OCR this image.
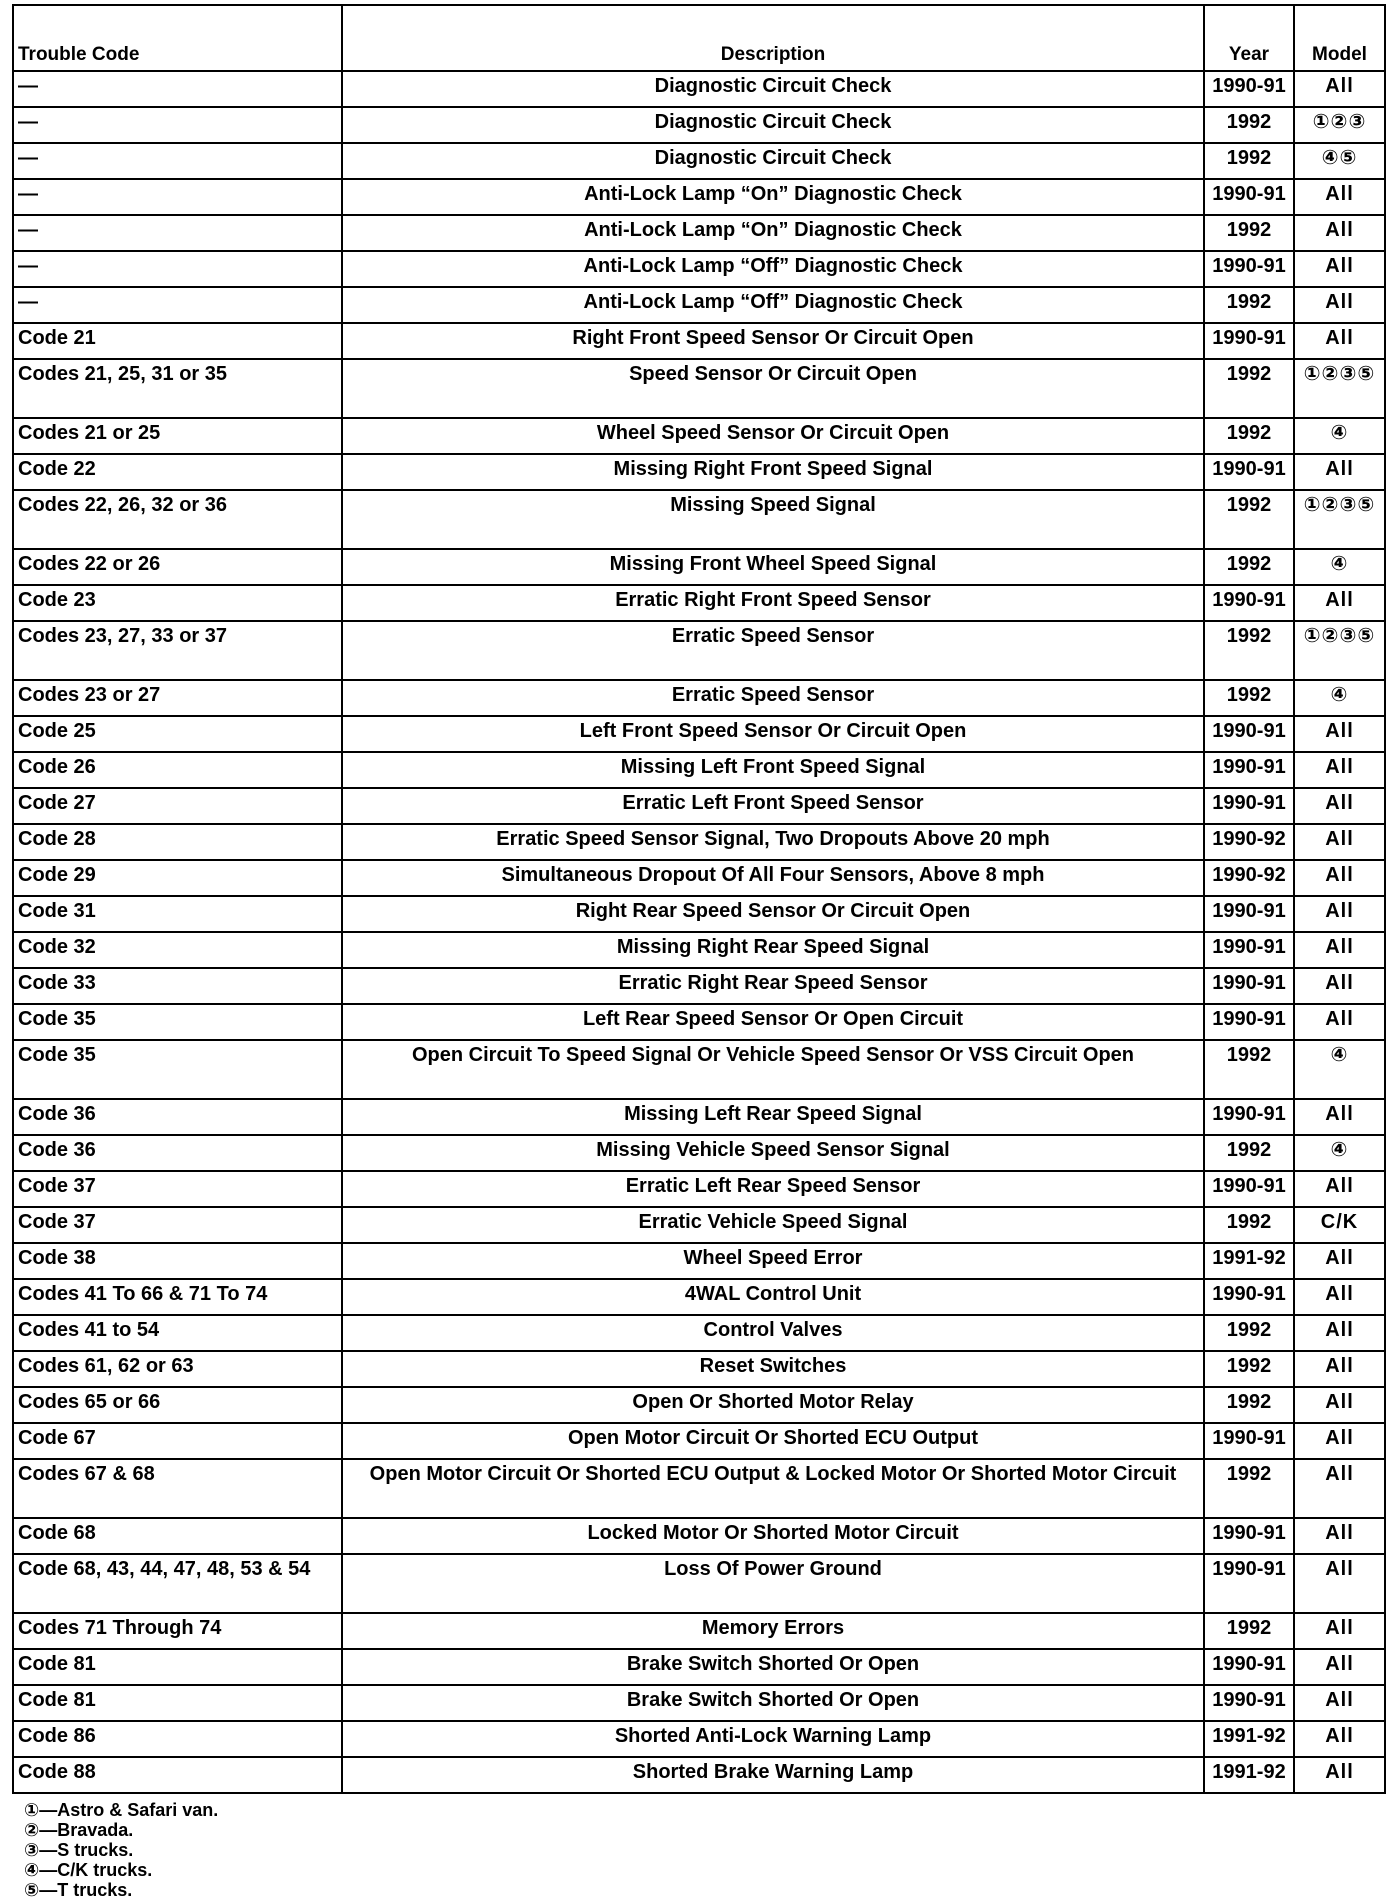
Trouble Code	Description	Year	Model
—	Diagnostic Circuit Check	1990-91	All
—	Diagnostic Circuit Check	1992	①②③
—	Diagnostic Circuit Check	1992	④⑤
—	Anti-Lock Lamp “On” Diagnostic Check	1990-91	All
—	Anti-Lock Lamp “On” Diagnostic Check	1992	All
—	Anti-Lock Lamp “Off” Diagnostic Check	1990-91	All
—	Anti-Lock Lamp “Off” Diagnostic Check	1992	All
Code 21	Right Front Speed Sensor Or Circuit Open	1990-91	All
Codes 21, 25, 31 or 35	Speed Sensor Or Circuit Open	1992	①②③⑤
Codes 21 or 25	Wheel Speed Sensor Or Circuit Open	1992	④
Code 22	Missing Right Front Speed Signal	1990-91	All
Codes 22, 26, 32 or 36	Missing Speed Signal	1992	①②③⑤
Codes 22 or 26	Missing Front Wheel Speed Signal	1992	④
Code 23	Erratic Right Front Speed Sensor	1990-91	All
Codes 23, 27, 33 or 37	Erratic Speed Sensor	1992	①②③⑤
Codes 23 or 27	Erratic Speed Sensor	1992	④
Code 25	Left Front Speed Sensor Or Circuit Open	1990-91	All
Code 26	Missing Left Front Speed Signal	1990-91	All
Code 27	Erratic Left Front Speed Sensor	1990-91	All
Code 28	Erratic Speed Sensor Signal, Two Dropouts Above 20 mph	1990-92	All
Code 29	Simultaneous Dropout Of All Four Sensors, Above 8 mph	1990-92	All
Code 31	Right Rear Speed Sensor Or Circuit Open	1990-91	All
Code 32	Missing Right Rear Speed Signal	1990-91	All
Code 33	Erratic Right Rear Speed Sensor	1990-91	All
Code 35	Left Rear Speed Sensor Or Open Circuit	1990-91	All
Code 35	Open Circuit To Speed Signal Or Vehicle Speed Sensor Or VSS Circuit Open	1992	④
Code 36	Missing Left Rear Speed Signal	1990-91	All
Code 36	Missing Vehicle Speed Sensor Signal	1992	④
Code 37	Erratic Left Rear Speed Sensor	1990-91	All
Code 37	Erratic Vehicle Speed Signal	1992	C/K
Code 38	Wheel Speed Error	1991-92	All
Codes 41 To 66 & 71 To 74	4WAL Control Unit	1990-91	All
Codes 41 to 54	Control Valves	1992	All
Codes 61, 62 or 63	Reset Switches	1992	All
Codes 65 or 66	Open Or Shorted Motor Relay	1992	All
Code 67	Open Motor Circuit Or Shorted ECU Output	1990-91	All
Codes 67 & 68	Open Motor Circuit Or Shorted ECU Output & Locked Motor Or Shorted Motor Circuit	1992	All
Code 68	Locked Motor Or Shorted Motor Circuit	1990-91	All
Code 68, 43, 44, 47, 48, 53 & 54	Loss Of Power Ground	1990-91	All
Codes 71 Through 74	Memory Errors	1992	All
Code 81	Brake Switch Shorted Or Open	1990-91	All
Code 81	Brake Switch Shorted Or Open	1990-91	All
Code 86	Shorted Anti-Lock Warning Lamp	1991-92	All
Code 88	Shorted Brake Warning Lamp	1991-92	All
①—Astro & Safari van.
②—Bravada.
③—S trucks.
④—C/K trucks.
⑤—T trucks.
